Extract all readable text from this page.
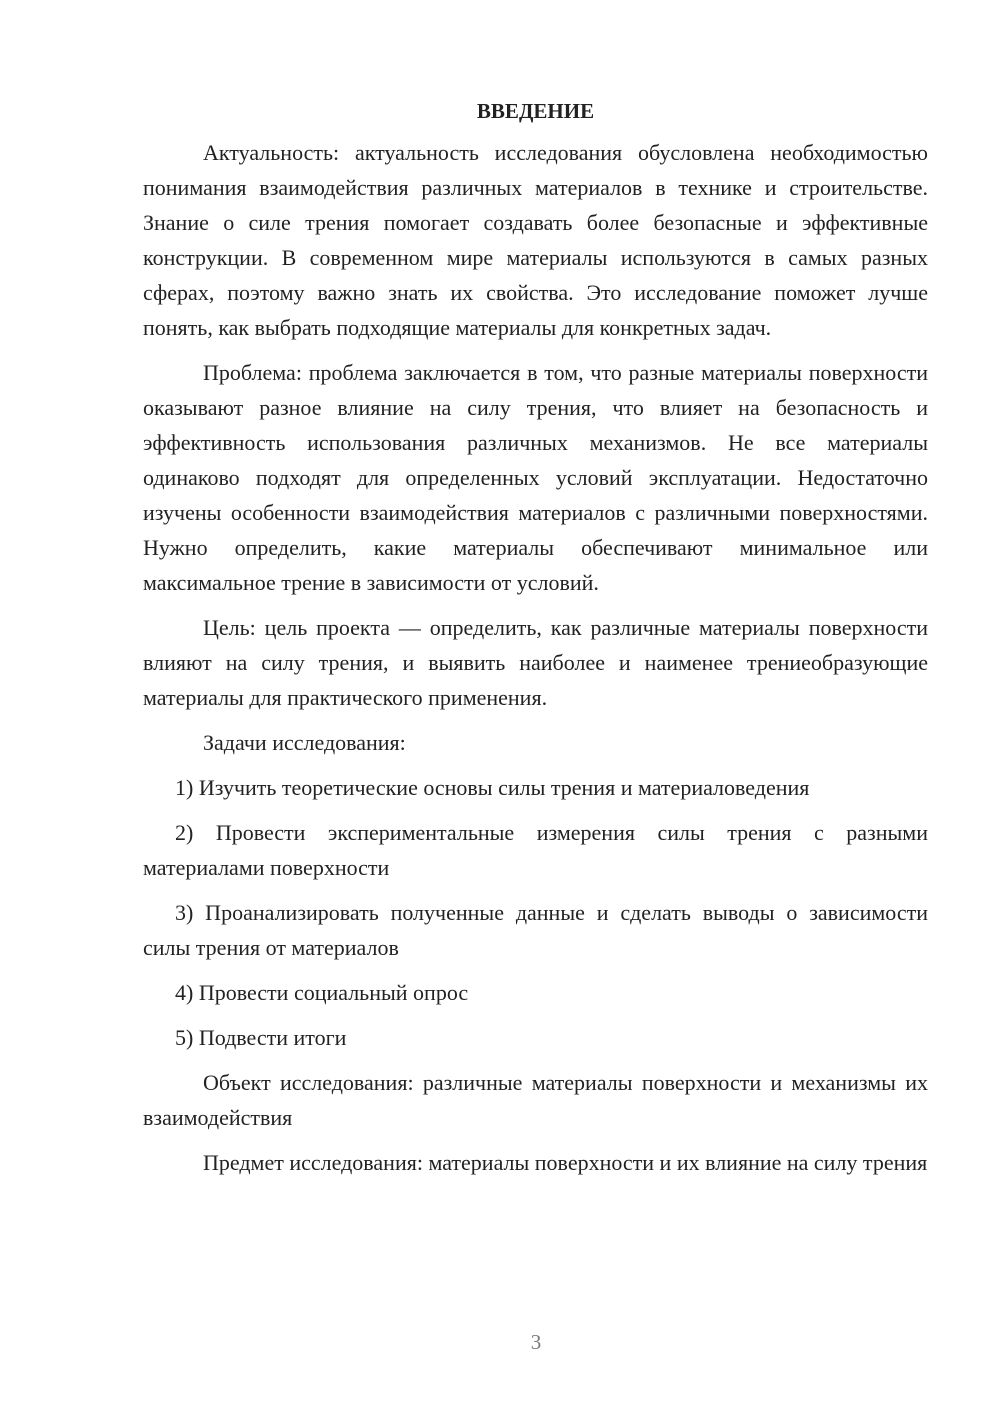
ВВЕДЕНИЕ

Актуальность: актуальность исследования обусловлена необходимостью понимания взаимодействия различных материалов в технике и строительстве. Знание о силе трения помогает создавать более безопасные и эффективные конструкции. В современном мире материалы используются в самых разных сферах, поэтому важно знать их свойства. Это исследование поможет лучше понять, как выбрать подходящие материалы для конкретных задач.

Проблема: проблема заключается в том, что разные материалы поверхности оказывают разное влияние на силу трения, что влияет на безопасность и эффективность использования различных механизмов. Не все материалы одинаково подходят для определенных условий эксплуатации. Недостаточно изучены особенности взаимодействия материалов с различными поверхностями. Нужно определить, какие материалы обеспечивают минимальное или максимальное трение в зависимости от условий.

Цель: цель проекта — определить, как различные материалы поверхности влияют на силу трения, и выявить наиболее и наименее трениеобразующие материалы для практического применения.

Задачи исследования:

1) Изучить теоретические основы силы трения и материаловедения

2) Провести экспериментальные измерения силы трения с разными материалами поверхности

3) Проанализировать полученные данные и сделать выводы о зависимости силы трения от материалов

4) Провести социальный опрос

5) Подвести итоги

Объект исследования: различные материалы поверхности и механизмы их взаимодействия

Предмет исследования: материалы поверхности и их влияние на силу трения

3
